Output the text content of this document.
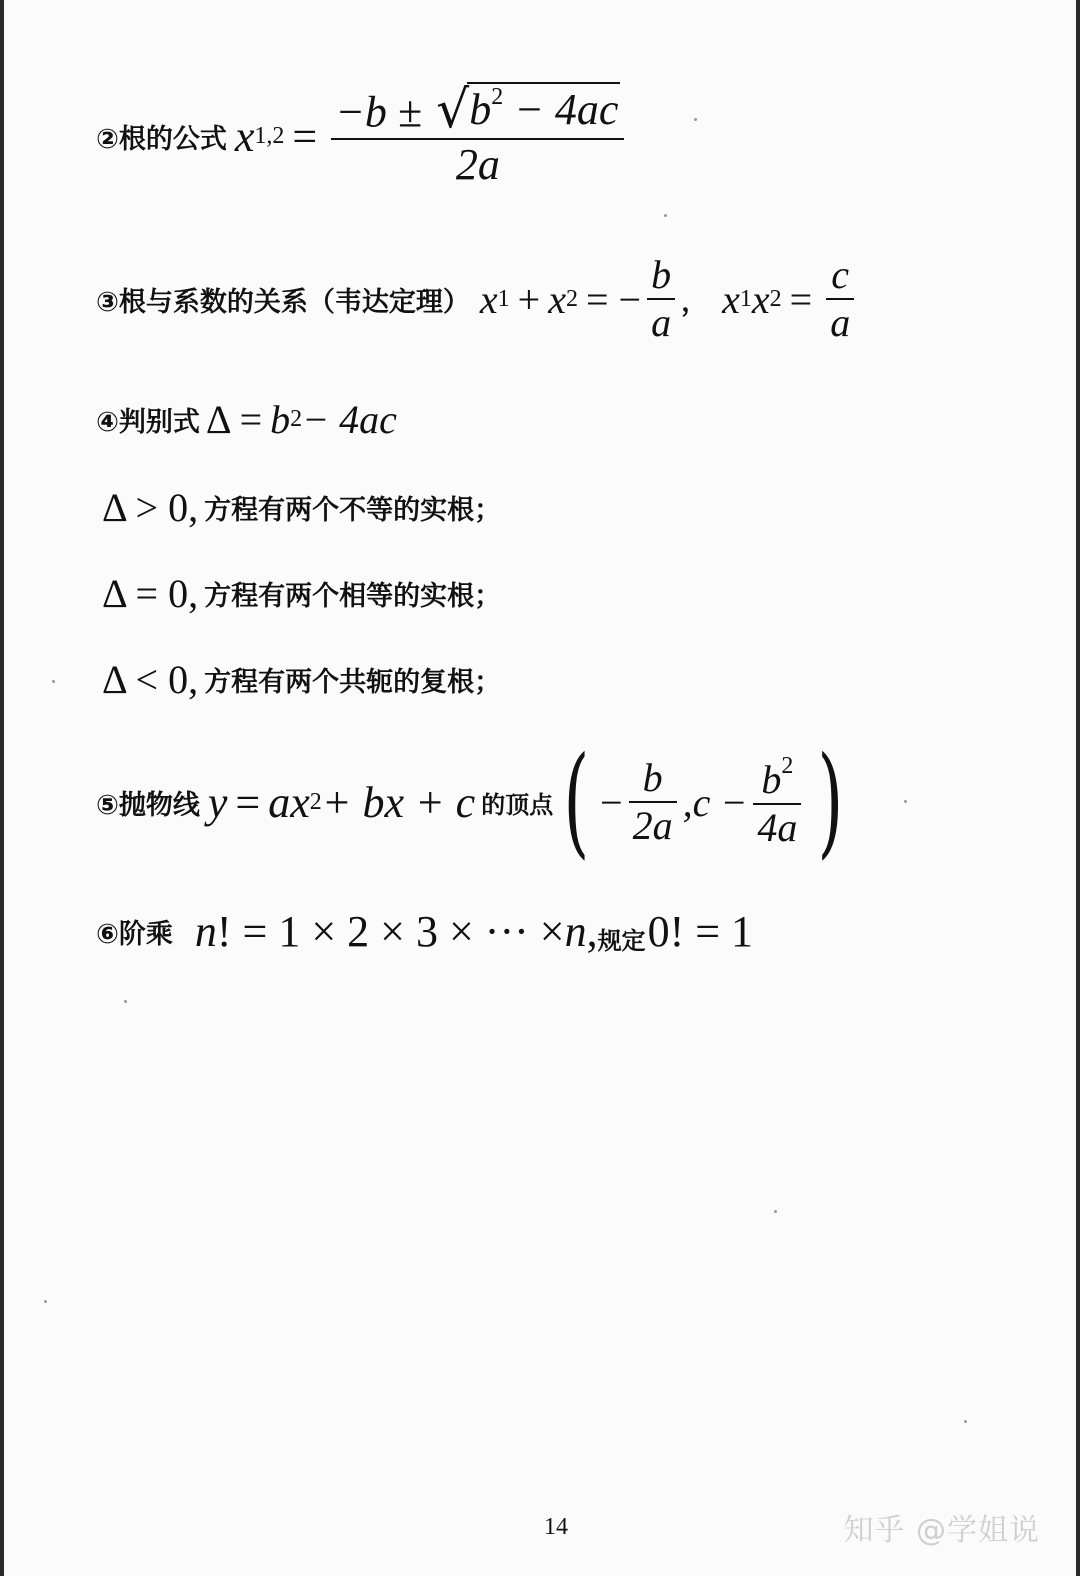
②根的公式 x $1,2 = \frac{-b \pm √ b^2 - 4ac}{2a}$
③根与系数的关系（韦达定理） x 1 + x 2 = − $\frac{b}{a}$ ， x 1 x $2 = \frac{c}{a}$
④判别式 Δ = b 2 − 4ac
Δ > 0, 方程有两个不等的实根；
Δ = 0, 方程有两个相等的实根；
Δ < 0, 方程有两个共轭的复根；
⑤抛物线 y = ax 2 + bx + c 的顶点 ( − $\frac{b}{2a} ,c - \frac{b^2}{4a}$ )
⑥阶乘 n ! = 1 × 2 × 3 × ··· × n , 规定 0! = 1
14	知乎 @学姐说
